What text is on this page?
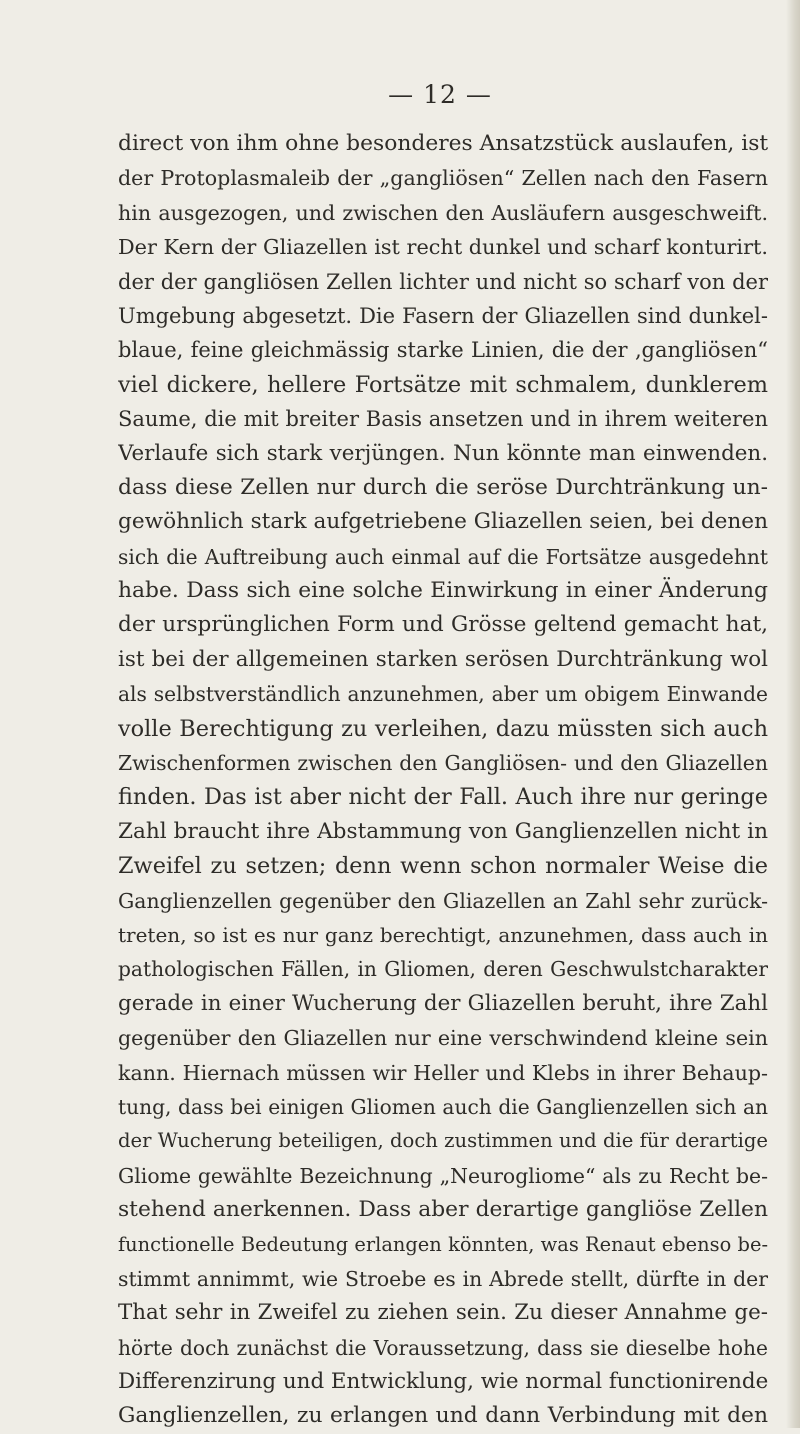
— 12 —
direct von ihm ohne besonderes Ansatzstück auslaufen, ist
der Protoplasmaleib der „gangliösen“ Zellen nach den Fasern
hin ausgezogen, und zwischen den Ausläufern ausgeschweift.
Der Kern der Gliazellen ist recht dunkel und scharf konturirt.
der der gangliösen Zellen lichter und nicht so scharf von der
Umgebung abgesetzt. Die Fasern der Gliazellen sind dunkel-
blaue, feine gleichmässig starke Linien, die der ‚gangliösen“
viel dickere, hellere Fortsätze mit schmalem, dunklerem
Saume, die mit breiter Basis ansetzen und in ihrem weiteren
Verlaufe sich stark verjüngen. Nun könnte man einwenden.
dass diese Zellen nur durch die seröse Durchtränkung un-
gewöhnlich stark aufgetriebene Gliazellen seien, bei denen
sich die Auftreibung auch einmal auf die Fortsätze ausgedehnt
habe. Dass sich eine solche Einwirkung in einer Änderung
der ursprünglichen Form und Grösse geltend gemacht hat,
ist bei der allgemeinen starken serösen Durchtränkung wol
als selbstverständlich anzunehmen, aber um obigem Einwande
volle Berechtigung zu verleihen, dazu müssten sich auch
Zwischenformen zwischen den Gangliösen- und den Gliazellen
finden. Das ist aber nicht der Fall. Auch ihre nur geringe
Zahl braucht ihre Abstammung von Ganglienzellen nicht in
Zweifel zu setzen; denn wenn schon normaler Weise die
Ganglienzellen gegenüber den Gliazellen an Zahl sehr zurück-
treten, so ist es nur ganz berechtigt, anzunehmen, dass auch in
pathologischen Fällen, in Gliomen, deren Geschwulstcharakter
gerade in einer Wucherung der Gliazellen beruht, ihre Zahl
gegenüber den Gliazellen nur eine verschwindend kleine sein
kann. Hiernach müssen wir Heller und Klebs in ihrer Behaup-
tung, dass bei einigen Gliomen auch die Ganglienzellen sich an
der Wucherung beteiligen, doch zustimmen und die für derartige
Gliome gewählte Bezeichnung „Neurogliome“ als zu Recht be-
stehend anerkennen. Dass aber derartige gangliöse Zellen
functionelle Bedeutung erlangen könnten, was Renaut ebenso be-
stimmt annimmt, wie Stroebe es in Abrede stellt, dürfte in der
That sehr in Zweifel zu ziehen sein. Zu dieser Annahme ge-
hörte doch zunächst die Voraussetzung, dass sie dieselbe hohe
Differenzirung und Entwicklung, wie normal functionirende
Ganglienzellen, zu erlangen und dann Verbindung mit den
